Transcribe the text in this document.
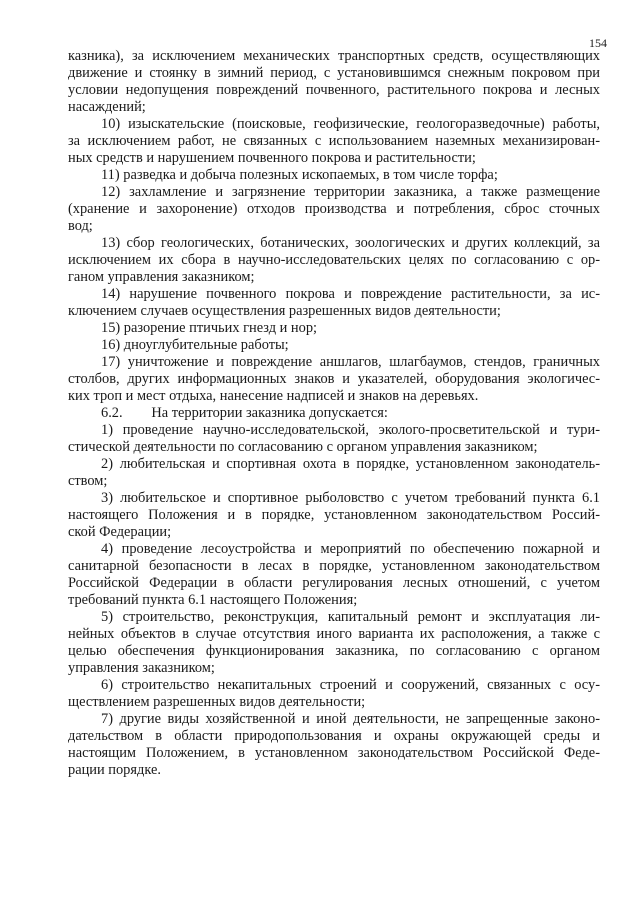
154
казника), за исключением механических транспортных средств, осуществляющих
движение и стоянку в зимний период, с установившимся снежным покровом при
условии недопущения повреждений почвенного, растительного покрова и лесных
насаждений;
10) изыскательские (поисковые, геофизические, геологоразведочные) работы,
за исключением работ, не связанных с использованием наземных механизирован-
ных средств и нарушением почвенного покрова и растительности;
11) разведка и добыча полезных ископаемых, в том числе торфа;
12) захламление и загрязнение территории заказника, а также размещение
(хранение и захоронение) отходов производства и потребления, сброс сточных
вод;
13) сбор геологических, ботанических, зоологических и других коллекций, за
исключением их сбора в научно-исследовательских целях по согласованию с ор-
ганом управления заказником;
14) нарушение почвенного покрова и повреждение растительности, за ис-
ключением случаев осуществления разрешенных видов деятельности;
15) разорение птичьих гнезд и нор;
16) дноуглубительные работы;
17) уничтожение и повреждение аншлагов, шлагбаумов, стендов, граничных
столбов, других информационных знаков и указателей, оборудования экологичес-
ких троп и мест отдыха, нанесение надписей и знаков на деревьях.
6.2.        На территории заказника допускается:
1) проведение научно-исследовательской, эколого-просветительской и тури-
стической деятельности по согласованию с органом управления заказником;
2) любительская и спортивная охота в порядке, установленном законодатель-
ством;
3) любительское и спортивное рыболовство с учетом требований пункта 6.1
настоящего Положения и в порядке, установленном законодательством Россий-
ской Федерации;
4) проведение лесоустройства и мероприятий по обеспечению пожарной и
санитарной безопасности в лесах в порядке, установленном законодательством
Российской Федерации в области регулирования лесных отношений, с учетом
требований пункта 6.1 настоящего Положения;
5) строительство, реконструкция, капитальный ремонт и эксплуатация ли-
нейных объектов в случае отсутствия иного варианта их расположения, а также с
целью обеспечения функционирования заказника, по согласованию с органом
управления заказником;
6) строительство некапитальных строений и сооружений, связанных с осу-
ществлением разрешенных видов деятельности;
7) другие виды хозяйственной и иной деятельности, не запрещенные законо-
дательством в области природопользования и охраны окружающей среды и
настоящим Положением, в установленном законодательством Российской Феде-
рации порядке.
